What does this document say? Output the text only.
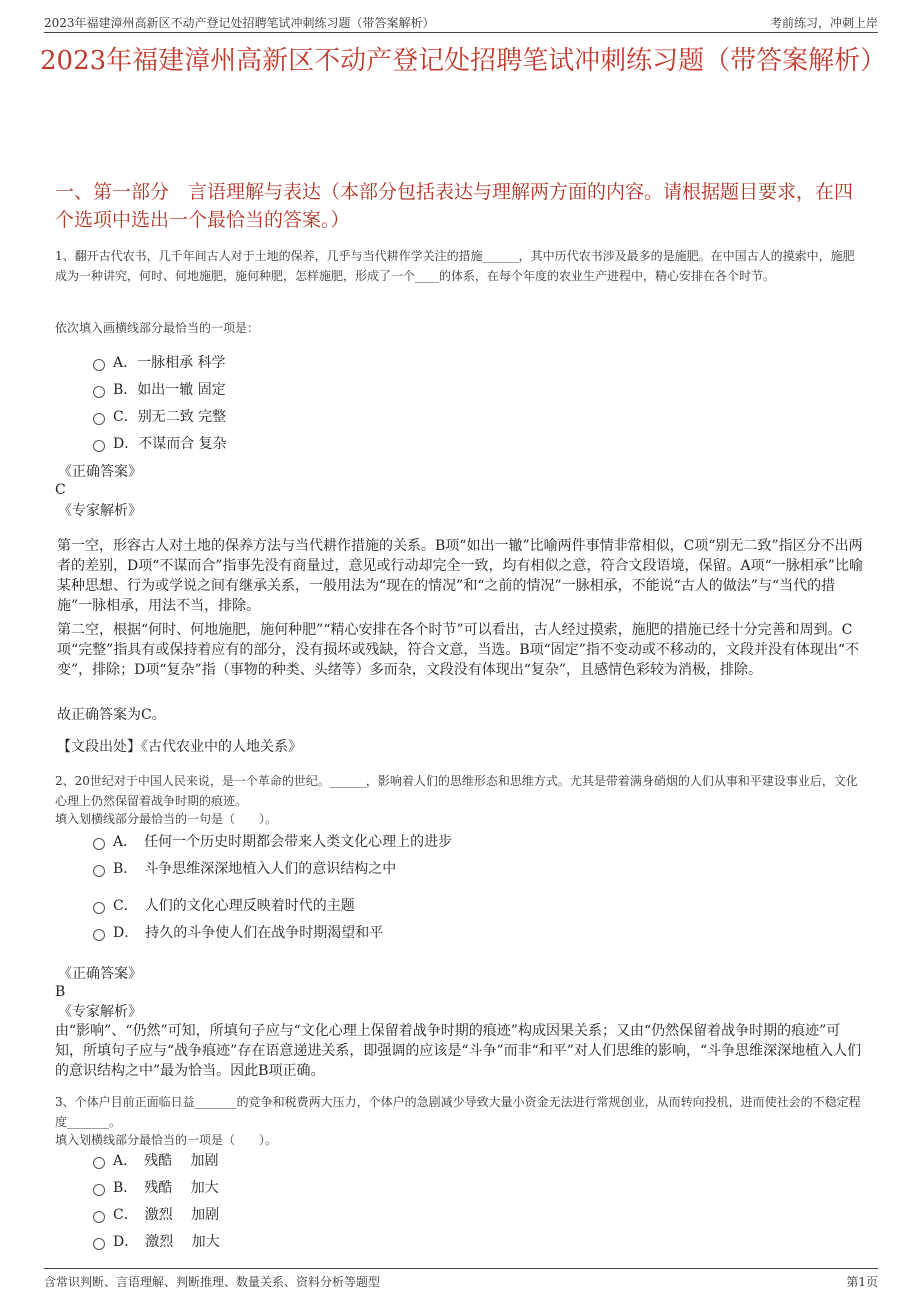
2023年福建漳州高新区不动产登记处招聘笔试冲刺练习题（带答案解析）	考前练习，冲刺上岸
2023年福建漳州高新区不动产登记处招聘笔试冲刺练习题（带答案解析）
一、第一部分　言语理解与表达（本部分包括表达与理解两方面的内容。请根据题目要求，在四个选项中选出一个最恰当的答案。）
1、翻开古代农书，几千年间古人对于土地的保养，几乎与当代耕作学关注的措施______，其中历代农书涉及最多的是施肥。在中国古人的摸索中，施肥成为一种讲究，何时、何地施肥，施何种肥，怎样施肥，形成了一个____的体系，在每个年度的农业生产进程中，精心安排在各个时节。
依次填入画横线部分最恰当的一项是：
A．一脉相承 科学
B．如出一辙 固定
C．别无二致 完整
D．不谋而合 复杂
《正确答案》
C
《专家解析》
第一空，形容古人对土地的保养方法与当代耕作措施的关系。B项“如出一辙”比喻两件事情非常相似，C项“别无二致”指区分不出两者的差别，D项“不谋而合”指事先没有商量过，意见或行动却完全一致，均有相似之意，符合文段语境，保留。A项“一脉相承”比喻某种思想、行为或学说之间有继承关系，一般用法为“现在的情况”和“之前的情况”一脉相承，不能说“古人的做法”与“当代的措施”一脉相承，用法不当，排除。
第二空，根据“何时、何地施肥，施何种肥”“精心安排在各个时节”可以看出，古人经过摸索，施肥的措施已经十分完善和周到。C项“完整”指具有或保持着应有的部分，没有损坏或残缺，符合文意，当选。B项“固定”指不变动或不移动的，文段并没有体现出“不变”，排除；D项“复杂”指（事物的种类、头绪等）多而杂，文段没有体现出“复杂”，且感情色彩较为消极，排除。
故正确答案为C。
【文段出处】《古代农业中的人地关系》
2、20世纪对于中国人民来说，是一个革命的世纪。______，影响着人们的思维形态和思维方式。尤其是带着满身硝烟的人们从事和平建设事业后，文化心理上仍然保留着战争时期的痕迹。
填入划横线部分最恰当的一句是（　　）。
A．　任何一个历史时期都会带来人类文化心理上的进步
B．　斗争思维深深地植入人们的意识结构之中
C．　人们的文化心理反映着时代的主题
D．　持久的斗争使人们在战争时期渴望和平
《正确答案》
B
《专家解析》
由“影响”、“仍然”可知，所填句子应与“文化心理上保留着战争时期的痕迹”构成因果关系；又由“仍然保留着战争时期的痕迹”可知，所填句子应与“战争痕迹”存在语意递进关系，即强调的应该是“斗争”而非“和平”对人们思维的影响，“斗争思维深深地植入人们的意识结构之中”最为恰当。因此B项正确。
3、个体户目前正面临日益_______的竞争和税费两大压力，个体户的急剧减少导致大量小资金无法进行常规创业，从而转向投机，进而使社会的不稳定程度_______。
填入划横线部分最恰当的一项是（　　）。
A．　残酷　 加剧
B．　残酷　 加大
C．　激烈　 加剧
D．　激烈　 加大
含常识判断、言语理解、判断推理、数量关系、资料分析等题型	第1页
